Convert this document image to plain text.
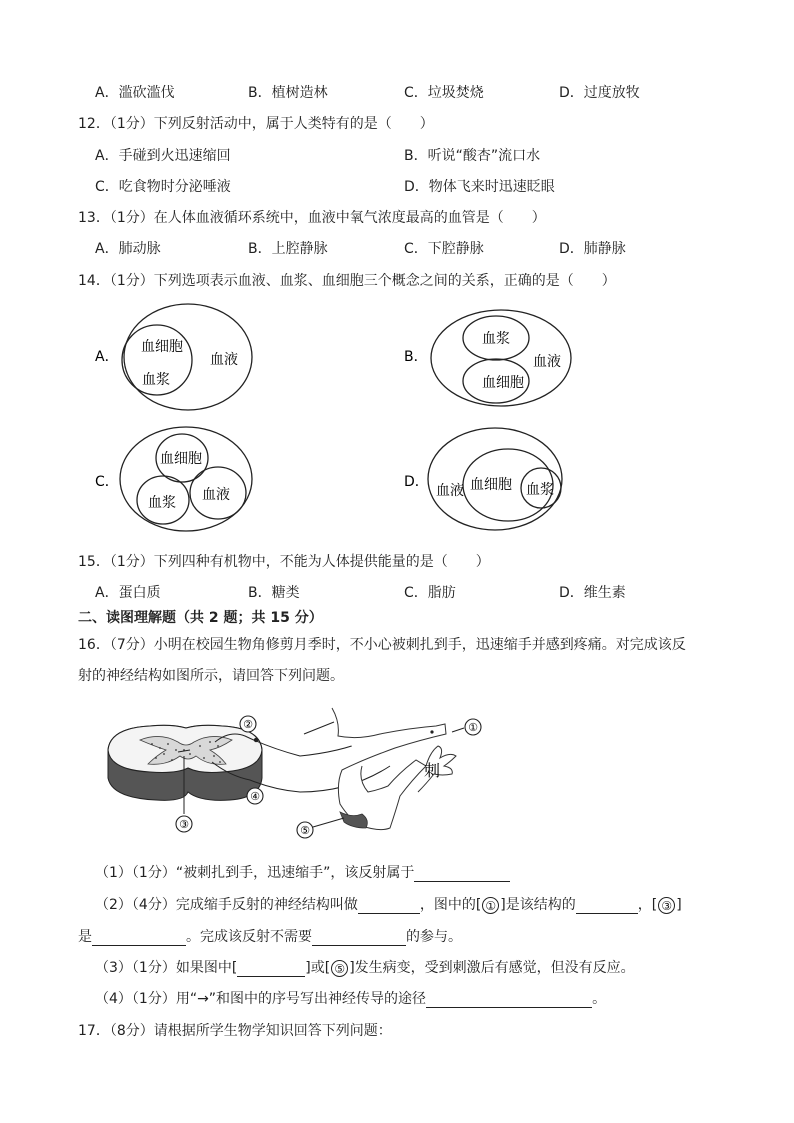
A．滥砍滥伐	B．植树造林	C．垃圾焚烧	D．过度放牧
12．（1分）下列反射活动中，属于人类特有的是（　　）
A．手碰到火迅速缩回	B．听说“酸杏”流口水
C．吃食物时分泌唾液	D．物体飞来时迅速眨眼
13．（1分）在人体血液循环系统中，血液中氧气浓度最高的血管是（　　）
A．肺动脉	B．上腔静脉	C．下腔静脉	D．肺静脉
14．（1分）下列选项表示血液、血浆、血细胞三个概念之间的关系，正确的是（　　）
A．
血细胞
血浆
血液	B．
血浆
血液
血细胞
C．
血细胞
血浆 血液
D．
血液 血细胞 血浆
15．（1分）下列四种有机物中，不能为人体提供能量的是（　　）
A．蛋白质	B．糖类	C．脂肪	D．维生素
二、读图理解题（共 2 题；共 15 分）
16．（7分）小明在校园生物角修剪月季时，不小心被刺扎到手，迅速缩手并感到疼痛。对完成该反
射的神经结构如图所示，请回答下列问题。
①
②
③
④
⑤
刺
（1）（1分）“被刺扎到手，迅速缩手”，该反射属于
（2）（4分）完成缩手反射的神经结构叫做	，图中的[ ① ]是该结构的	，[ ③ ]
是	。完成该反射不需要	的参与。
（3）（1分）如果图中[	]或[ ⑤ ]发生病变，受到刺激后有感觉，但没有反应。
（4）（1分）用“→”和图中的序号写出神经传导的途径	。
17．（8分）请根据所学生物学知识回答下列问题：
